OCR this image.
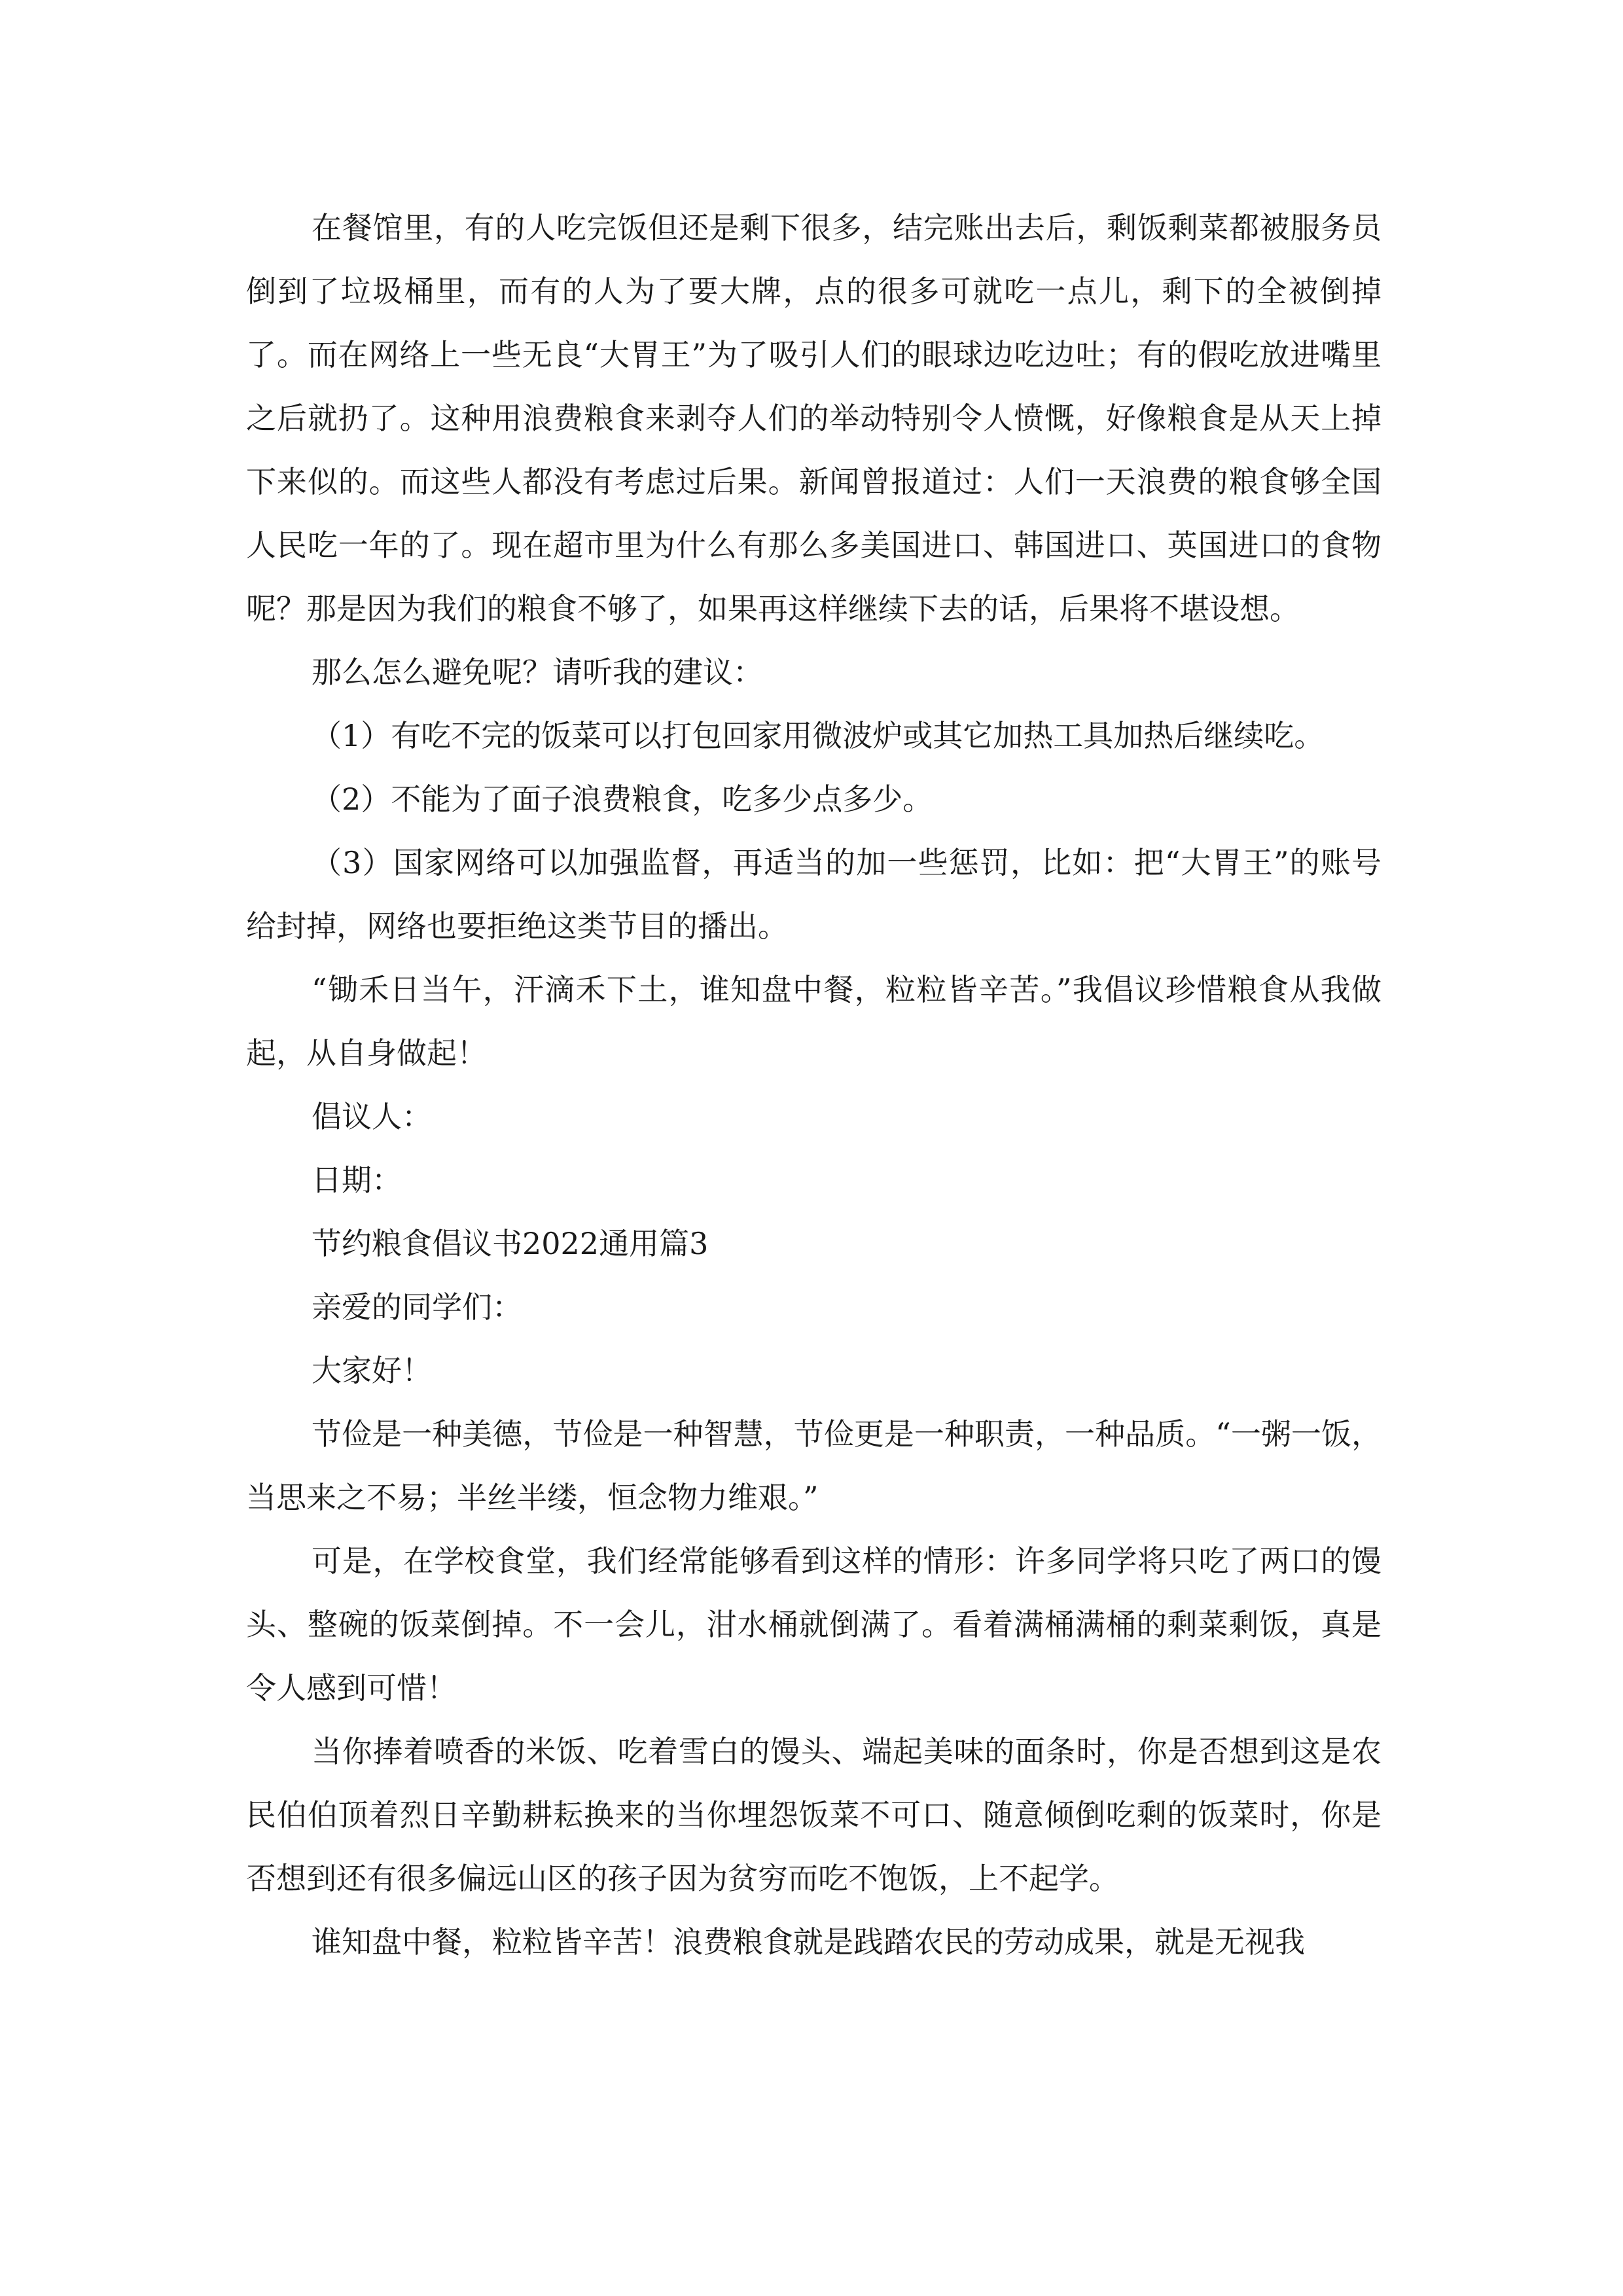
在餐馆里，有的人吃完饭但还是剩下很多，结完账出去后，剩饭剩菜都被服务员倒到了垃圾桶里，而有的人为了要大牌，点的很多可就吃一点儿，剩下的全被倒掉了。而在网络上一些无良“大胃王”为了吸引人们的眼球边吃边吐；有的假吃放进嘴里之后就扔了。这种用浪费粮食来剥夺人们的举动特别令人愤慨，好像粮食是从天上掉下来似的。而这些人都没有考虑过后果。新闻曾报道过：人们一天浪费的粮食够全国人民吃一年的了。现在超市里为什么有那么多美国进口、韩国进口、英国进口的食物呢？那是因为我们的粮食不够了，如果再这样继续下去的话，后果将不堪设想。

那么怎么避免呢？请听我的建议：

（1）有吃不完的饭菜可以打包回家用微波炉或其它加热工具加热后继续吃。

（2）不能为了面子浪费粮食，吃多少点多少。

（3）国家网络可以加强监督，再适当的加一些惩罚，比如：把“大胃王”的账号给封掉，网络也要拒绝这类节目的播出。

“锄禾日当午，汗滴禾下土，谁知盘中餐，粒粒皆辛苦。”我倡议珍惜粮食从我做起，从自身做起！

倡议人：

日期：

节约粮食倡议书2022通用篇3

亲爱的同学们：

大家好！

节俭是一种美德，节俭是一种智慧，节俭更是一种职责，一种品质。“一粥一饭，当思来之不易；半丝半缕，恒念物力维艰。”

可是，在学校食堂，我们经常能够看到这样的情形：许多同学将只吃了两口的馒头、整碗的饭菜倒掉。不一会儿，泔水桶就倒满了。看着满桶满桶的剩菜剩饭，真是令人感到可惜！

当你捧着喷香的米饭、吃着雪白的馒头、端起美味的面条时，你是否想到这是农民伯伯顶着烈日辛勤耕耘换来的当你埋怨饭菜不可口、随意倾倒吃剩的饭菜时，你是否想到还有很多偏远山区的孩子因为贫穷而吃不饱饭，上不起学。

谁知盘中餐，粒粒皆辛苦！浪费粮食就是践踏农民的劳动成果，就是无视我
